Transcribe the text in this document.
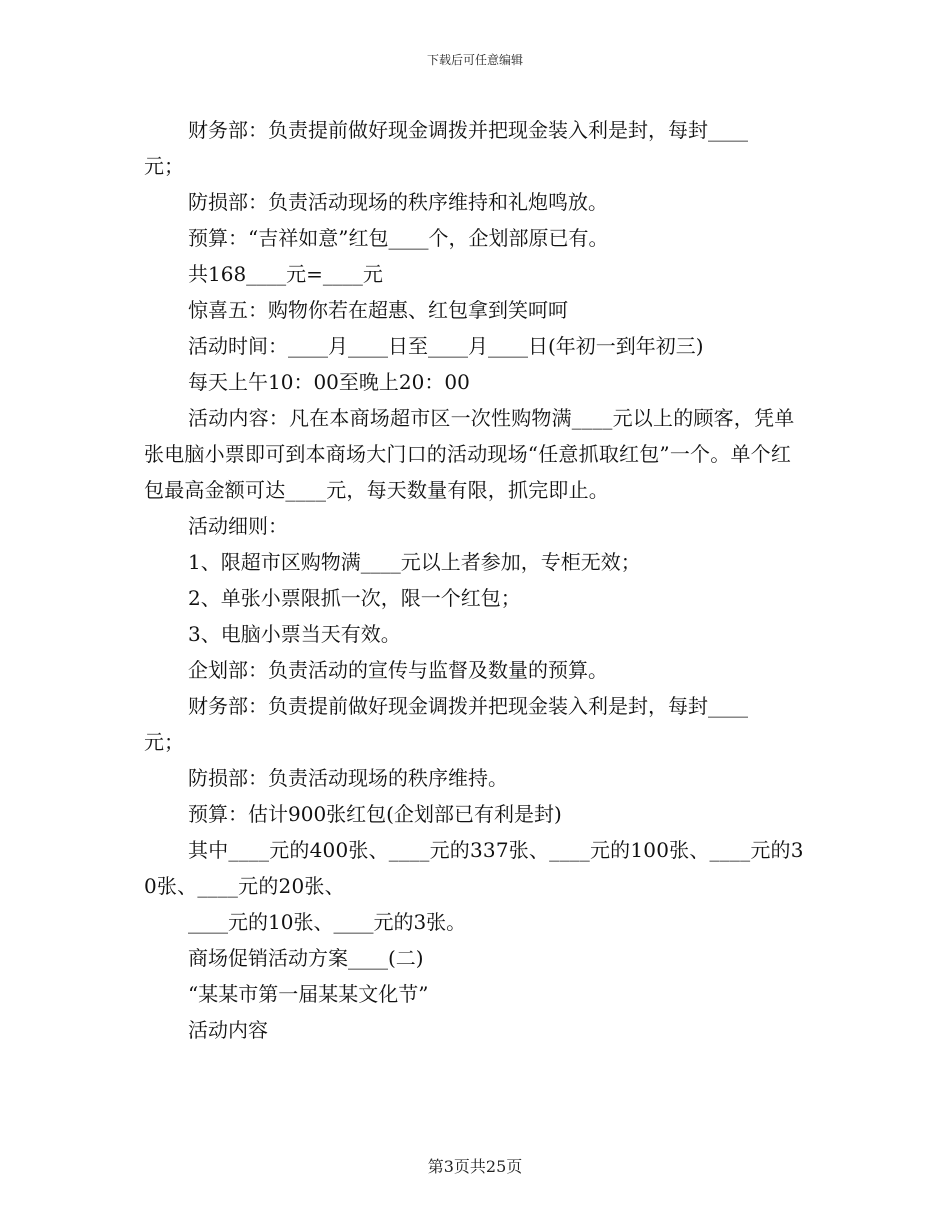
下载后可任意编辑
财务部：负责提前做好现金调拨并把现金装入利是封，每封____
元；
防损部：负责活动现场的秩序维持和礼炮鸣放。
预算：“吉祥如意”红包____个，企划部原已有。
共168____元=____元
惊喜五：购物你若在超惠、红包拿到笑呵呵
活动时间：____月____日至____月____日(年初一到年初三)
每天上午10：00至晚上20：00
活动内容：凡在本商场超市区一次性购物满____元以上的顾客，凭单张电脑小票即可到本商场大门口的活动现场“任意抓取红包”一个。单个红包最高金额可达____元，每天数量有限，抓完即止。
活动细则：
1、限超市区购物满____元以上者参加，专柜无效；
2、单张小票限抓一次，限一个红包；
3、电脑小票当天有效。
企划部：负责活动的宣传与监督及数量的预算。
财务部：负责提前做好现金调拨并把现金装入利是封，每封____
元；
防损部：负责活动现场的秩序维持。
预算：估计900张红包(企划部已有利是封)
其中____元的400张、____元的337张、____元的100张、____元的30张、____元的20张、
____元的10张、____元的3张。
商场促销活动方案____(二)
“某某市第一届某某文化节”
活动内容
第3页共25页
